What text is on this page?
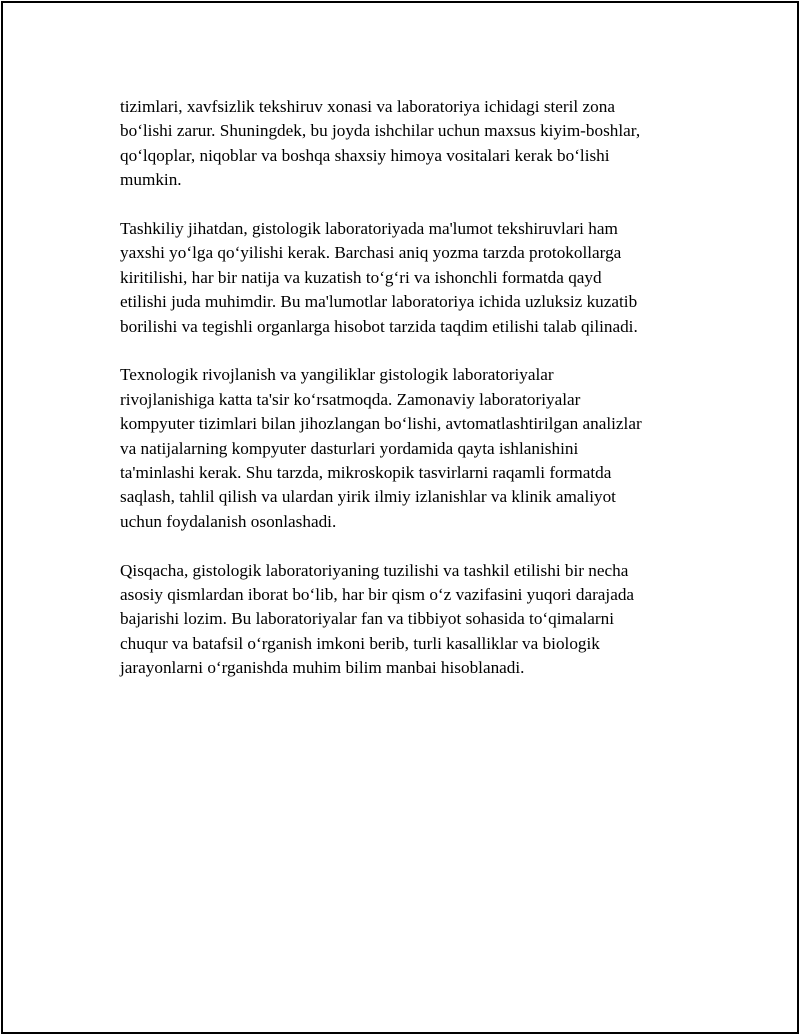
tizimlari, xavfsizlik tekshiruv xonasi va laboratoriya ichidagi steril zona
boʻlishi zarur. Shuningdek, bu joyda ishchilar uchun maxsus kiyim-boshlar,
qoʻlqoplar, niqoblar va boshqa shaxsiy himoya vositalari kerak boʻlishi
mumkin.

Tashkiliy jihatdan, gistologik laboratoriyada ma'lumot tekshiruvlari ham
yaxshi yoʻlga qoʻyilishi kerak. Barchasi aniq yozma tarzda protokollarga
kiritilishi, har bir natija va kuzatish toʻgʻri va ishonchli formatda qayd
etilishi juda muhimdir. Bu ma'lumotlar laboratoriya ichida uzluksiz kuzatib
borilishi va tegishli organlarga hisobot tarzida taqdim etilishi talab qilinadi.

Texnologik rivojlanish va yangiliklar gistologik laboratoriyalar
rivojlanishiga katta ta'sir koʻrsatmoqda. Zamonaviy laboratoriyalar
kompyuter tizimlari bilan jihozlangan boʻlishi, avtomatlashtirilgan analizlar
va natijalarning kompyuter dasturlari yordamida qayta ishlanishini
ta'minlashi kerak. Shu tarzda, mikroskopik tasvirlarni raqamli formatda
saqlash, tahlil qilish va ulardan yirik ilmiy izlanishlar va klinik amaliyot
uchun foydalanish osonlashadi.

Qisqacha, gistologik laboratoriyaning tuzilishi va tashkil etilishi bir necha
asosiy qismlardan iborat boʻlib, har bir qism oʻz vazifasini yuqori darajada
bajarishi lozim. Bu laboratoriyalar fan va tibbiyot sohasida toʻqimalarni
chuqur va batafsil oʻrganish imkoni berib, turli kasalliklar va biologik
jarayonlarni oʻrganishda muhim bilim manbai hisoblanadi.
